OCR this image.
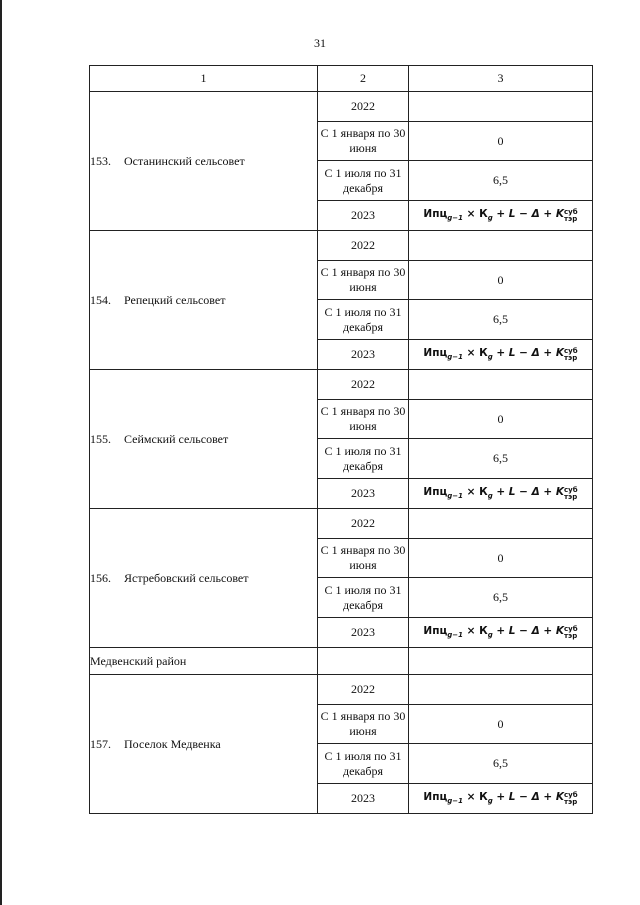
31
1	2	3
153. Останинский сельсовет	2022	
	С 1 января по 30 июня	0
	С 1 июля по 31 декабря	6,5
	2023	$Ипц_{g-1} \times К_g + L - \Delta + K$ суб
тэр

154. Репецкий сельсовет	2022	
	С 1 января по 30 июня	0
	С 1 июля по 31 декабря	6,5
	2023	$Ипц_{g-1} \times К_g + L - \Delta + K$ суб
тэр

155. Сеймский сельсовет	2022	
	С 1 января по 30 июня	0
	С 1 июля по 31 декабря	6,5
	2023	$Ипц_{g-1} \times К_g + L - \Delta + K$ суб
тэр

156. Ястребовский сельсовет	2022	
	С 1 января по 30 июня	0
	С 1 июля по 31 декабря	6,5
	2023	$Ипц_{g-1} \times К_g + L - \Delta + K$ суб
тэр

Медвенский район		
157. Поселок Медвенка	2022	
	С 1 января по 30 июня	0
	С 1 июля по 31 декабря	6,5
	2023	$Ипц_{g-1} \times К_g + L - \Delta + K$ суб
тэр
